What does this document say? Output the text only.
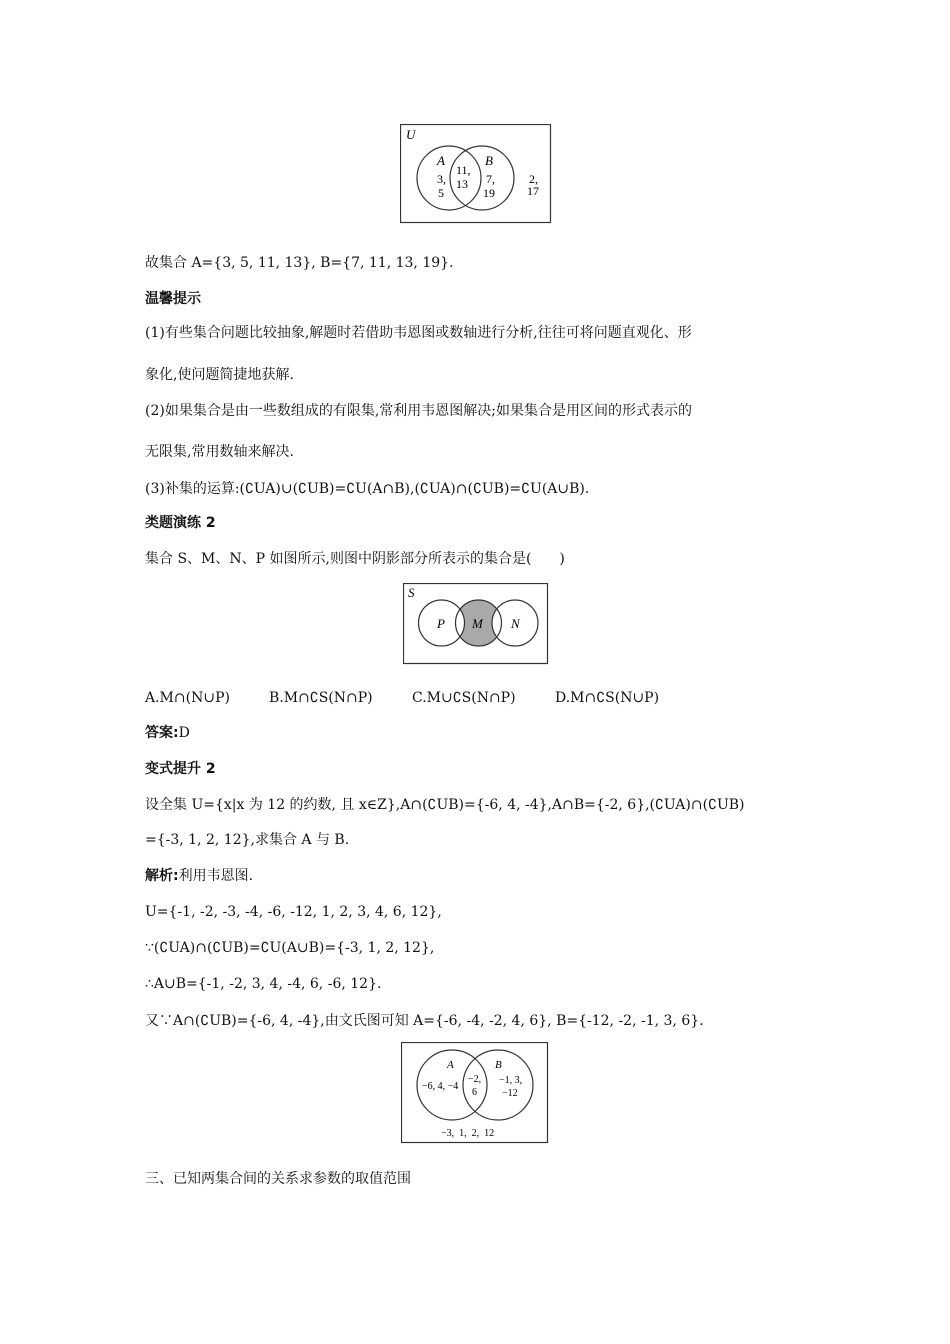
U
A	B
3,
5
11,
13 7,
19
2,
17
故集合 A={3, 5, 11, 13}, B={7, 11, 13, 19}.
温馨提示
(1)有些集合问题比较抽象,解题时若借助韦恩图或数轴进行分析,往往可将问题直观化、形
象化,使问题简捷地获解.
(2)如果集合是由一些数组成的有限集,常利用韦恩图解决;如果集合是用区间的形式表示的
无限集,常用数轴来解决.
(3)补集的运算:(∁UA)∪(∁UB)=∁U(A∩B),(∁UA)∩(∁UB)=∁U(A∪B).
类题演练 2
集合 S、M、N、P 如图所示,则图中阴影部分所表示的集合是(　　)
S
P M N
A.M∩(N∪P)	B.M∩∁S(N∩P)	C.M∪∁S(N∩P)	D.M∩∁S(N∪P)
答案:D
变式提升 2
设全集 U={x|x 为 12 的约数, 且 x∈Z},A∩(∁UB)={-6, 4, -4},A∩B={-2, 6},(∁UA)∩(∁UB)
={-3, 1, 2, 12},求集合 A 与 B.
解析:利用韦恩图.
U={-1, -2, -3, -4, -6, -12, 1, 2, 3, 4, 6, 12},
∵(∁UA)∩(∁UB)=∁U(A∪B)={-3, 1, 2, 12},
∴A∪B={-1, -2, 3, 4, -4, 6, -6, 12}.
又∵A∩(∁UB)={-6, 4, -4},由文氏图可知 A={-6, -4, -2, 4, 6}, B={-12, -2, -1, 3, 6}.
A	B
−6, 4, −4
−2,
6
−1, 3,
−12
−3,  1,  2,  12
三、已知两集合间的关系求参数的取值范围
